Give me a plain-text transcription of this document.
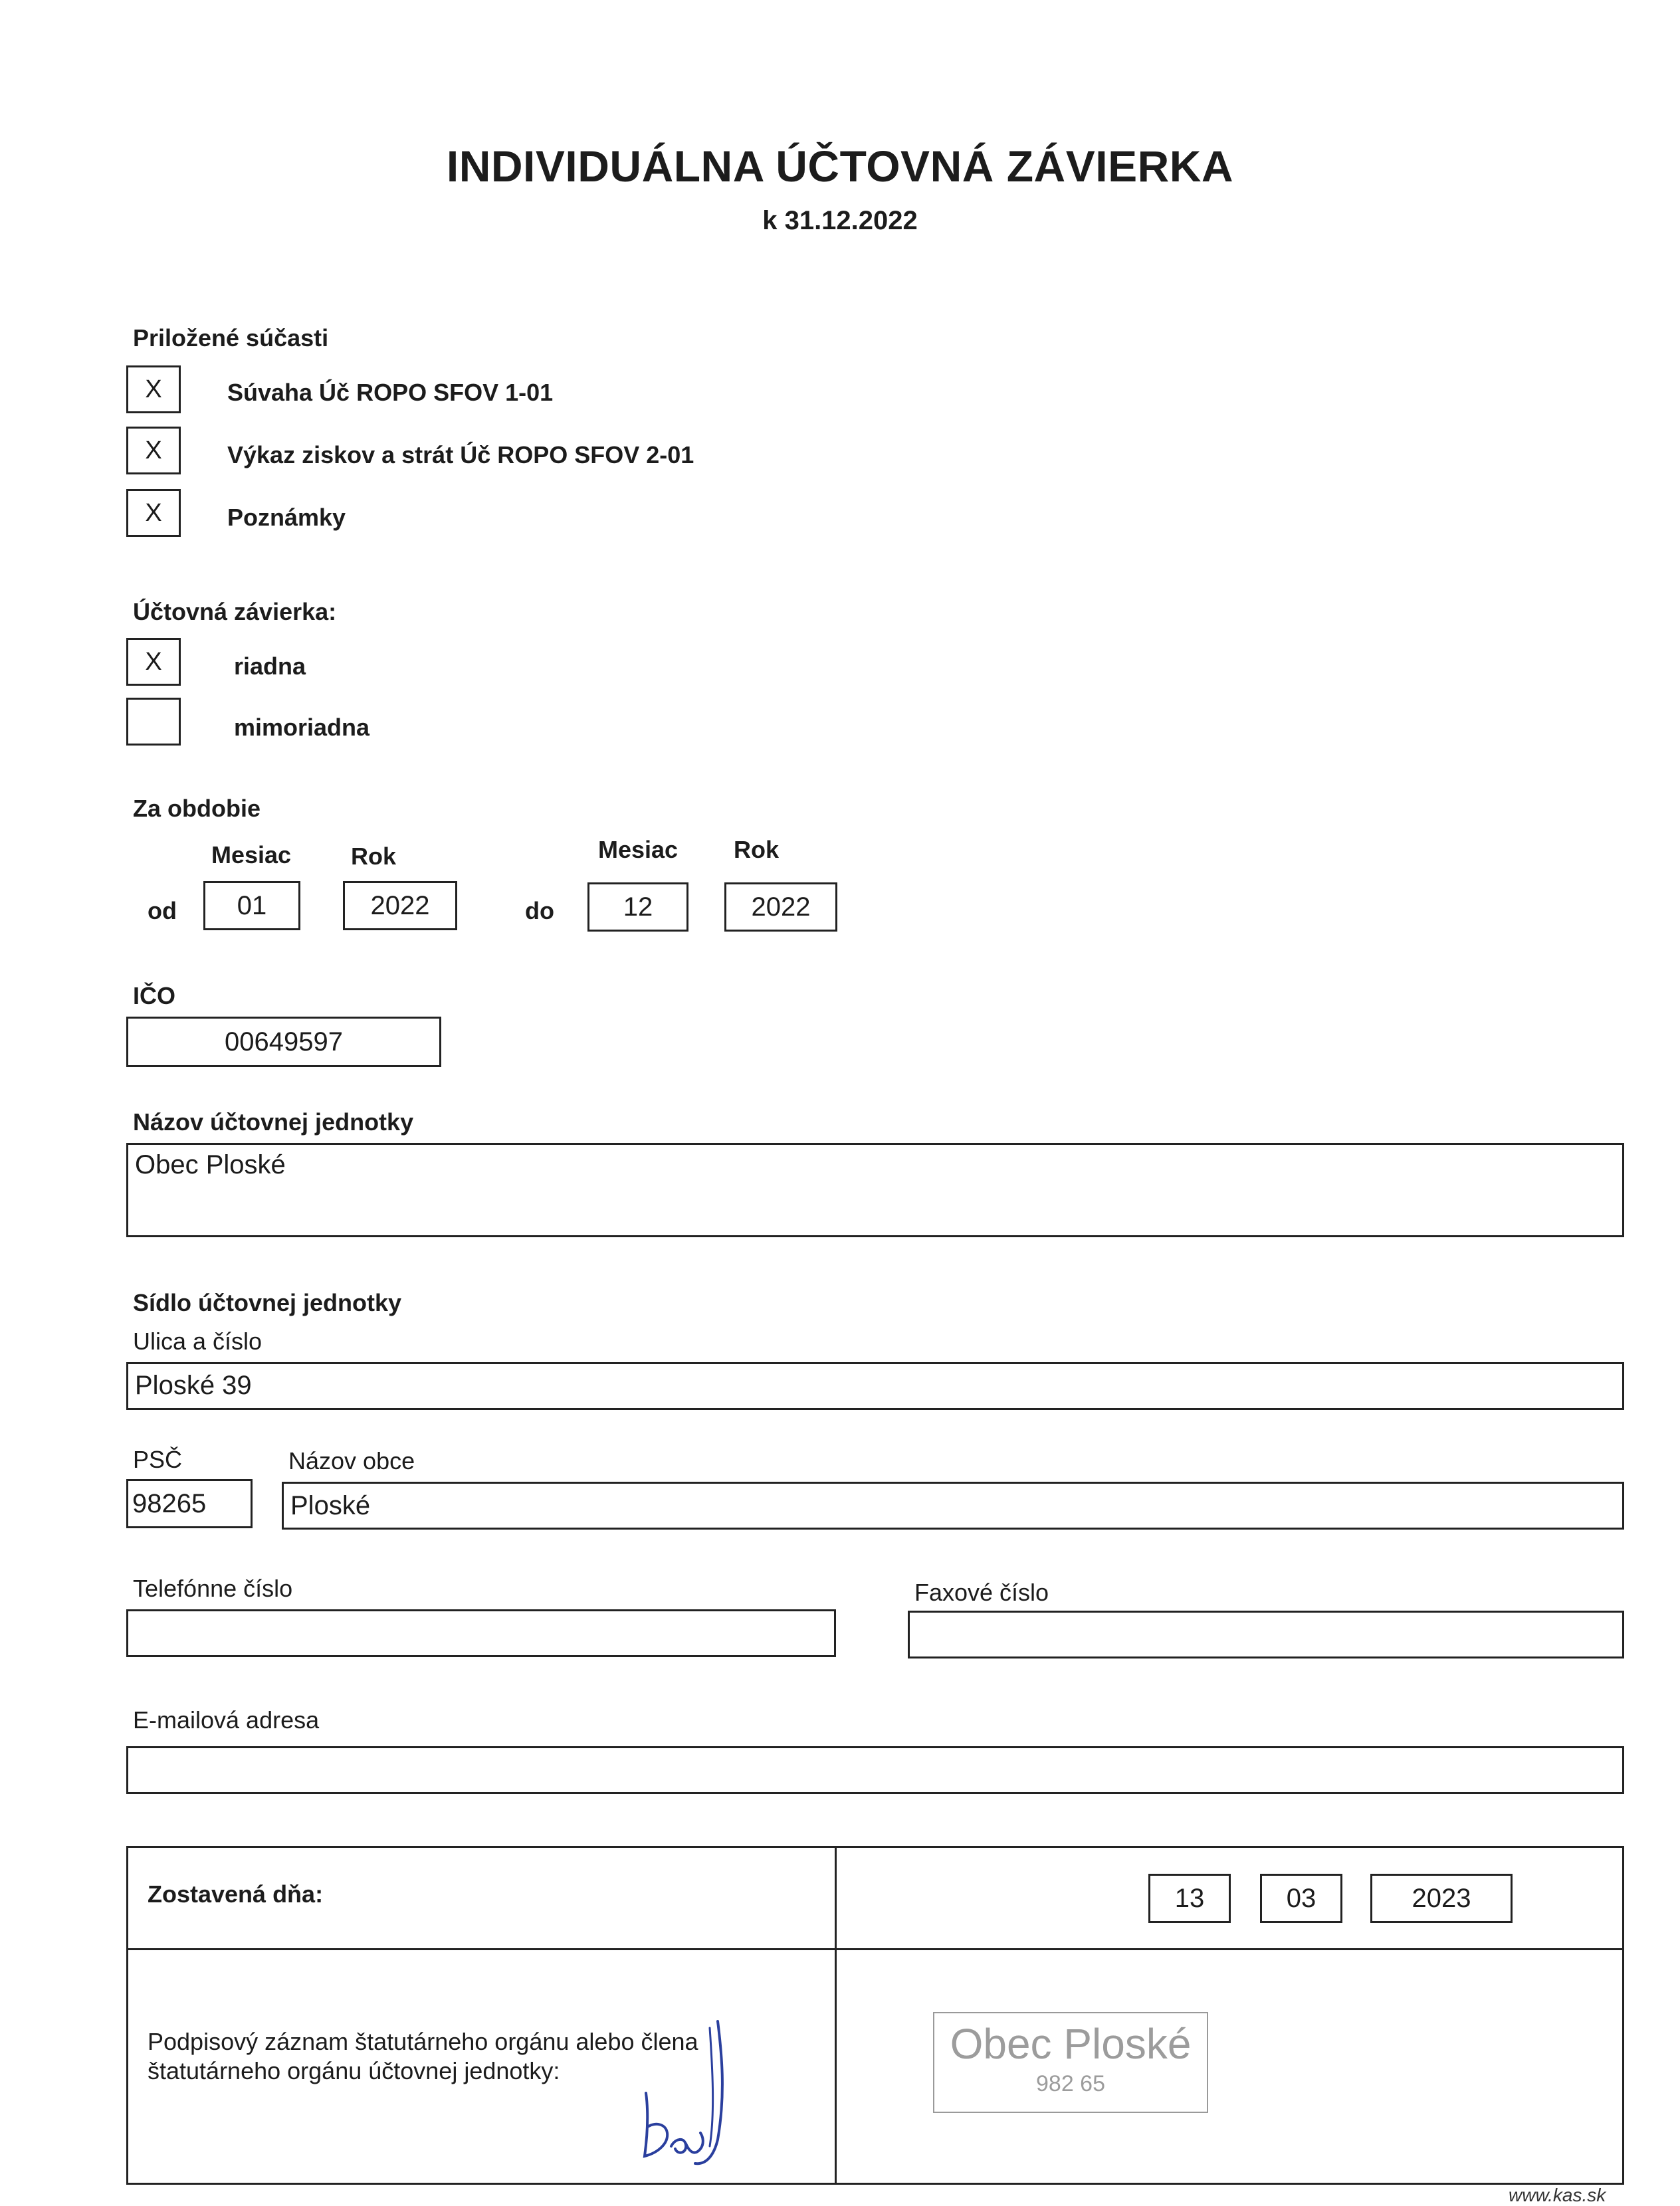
INDIVIDUÁLNA ÚČTOVNÁ ZÁVIERKA
k 31.12.2022
Priložené súčasti
X	Súvaha Úč ROPO SFOV 1-01
X	Výkaz ziskov a strát Úč ROPO SFOV 2-01
X	Poznámky
Účtovná závierka:
X	riadna
mimoriadna
Za obdobie
Mesiac Rok	Mesiac Rok
od	01	2022	do	12	2022
IČO
00649597
Názov účtovnej jednotky
Obec Ploské
Sídlo účtovnej jednotky
Ulica a číslo
Ploské 39
PSČ	Názov obce
98265	Ploské
Telefónne číslo	Faxové číslo
E-mailová adresa
Zostavená dňa:	13	03	2023
Podpisový záznam štatutárneho orgánu alebo člena
štatutárneho orgánu účtovnej jednotky:
Obec Ploské
982 65
www.kas.sk
